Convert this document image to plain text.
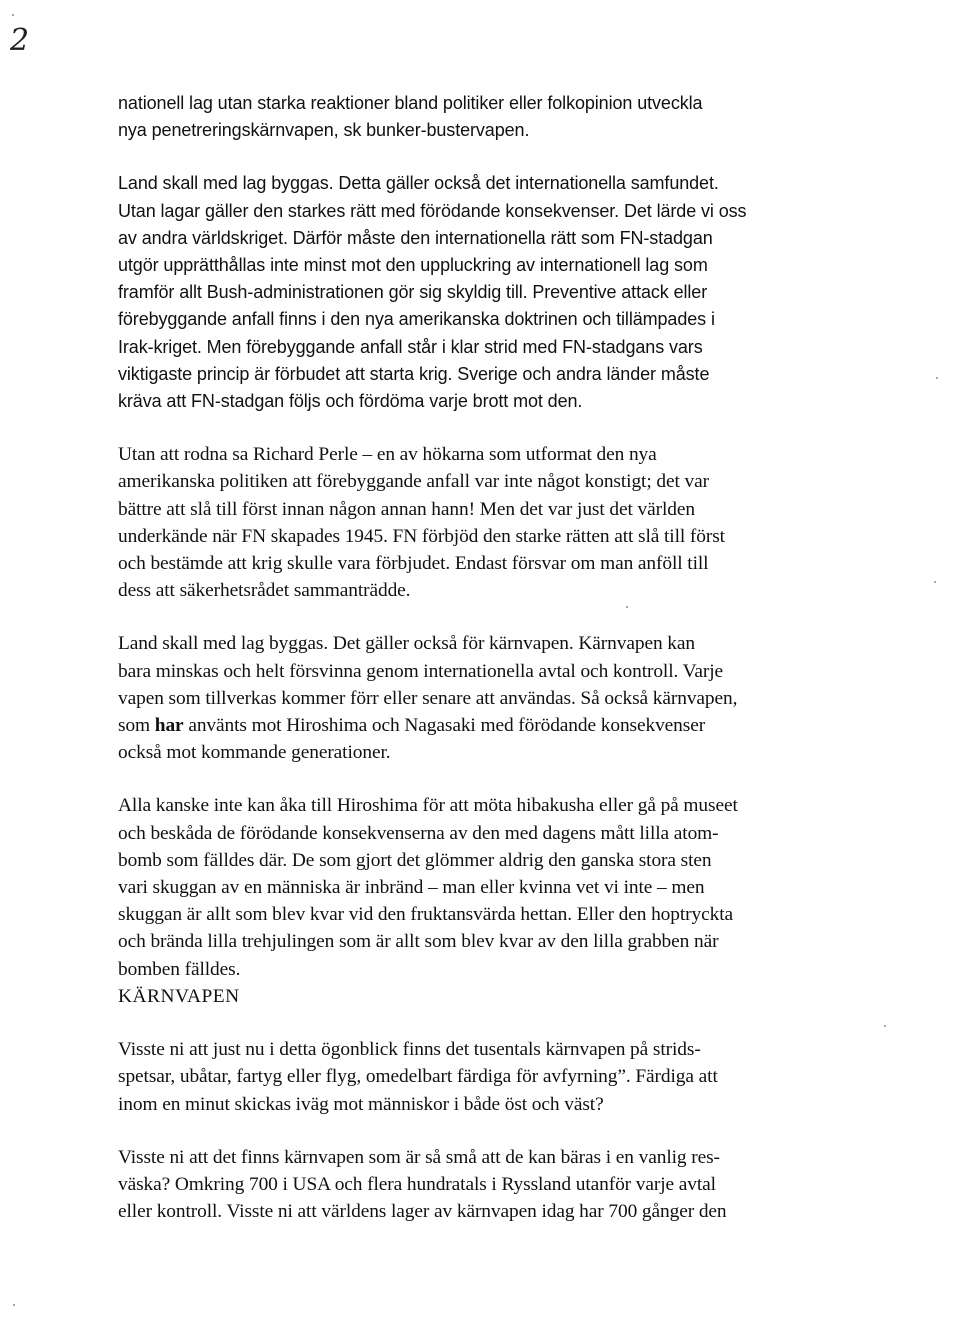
2

nationell lag utan starka reaktioner bland politiker eller folkopinion utveckla
nya penetreringskärnvapen, sk bunker-bustervapen.

Land skall med lag byggas. Detta gäller också det internationella samfundet.
Utan lagar gäller den starkes rätt med förödande konsekvenser. Det lärde vi oss
av andra världskriget. Därför måste den internationella rätt som FN-stadgan
utgör upprätthållas inte minst mot den uppluckring av internationell lag som
framför allt Bush-administrationen gör sig skyldig till. Preventive attack eller
förebyggande anfall finns i den nya amerikanska doktrinen och tillämpades i
Irak-kriget. Men förebyggande anfall står i klar strid med FN-stadgans vars
viktigaste princip är förbudet att starta krig. Sverige och andra länder måste
kräva att FN-stadgan följs och fördöma varje brott mot den.

Utan att rodna sa Richard Perle – en av hökarna som utformat den nya
amerikanska politiken att förebyggande anfall var inte något konstigt; det var
bättre att slå till först innan någon annan hann! Men det var just det världen
underkände när FN skapades 1945. FN förbjöd den starke rätten att slå till först
och bestämde att krig skulle vara förbjudet. Endast försvar om man anföll till
dess att säkerhetsrådet sammanträdde.

Land skall med lag byggas. Det gäller också för kärnvapen. Kärnvapen kan
bara minskas och helt försvinna genom internationella avtal och kontroll. Varje
vapen som tillverkas kommer förr eller senare att användas. Så också kärnvapen,
som har använts mot Hiroshima och Nagasaki med förödande konsekvenser
också mot kommande generationer.

Alla kanske inte kan åka till Hiroshima för att möta hibakusha eller gå på museet
och beskåda de förödande konsekvenserna av den med dagens mått lilla atom-
bomb som fälldes där. De som gjort det glömmer aldrig den ganska stora sten
vari skuggan av en människa är inbränd – man eller kvinna vet vi inte – men
skuggan är allt som blev kvar vid den fruktansvärda hettan. Eller den hoptryckta
och brända lilla trehjulingen som är allt som blev kvar av den lilla grabben när
bomben fälldes.

KÄRNVAPEN

Visste ni att just nu i detta ögonblick finns det tusentals kärnvapen på strids-
spetsar, ubåtar, fartyg eller flyg, omedelbart färdiga för avfyrning”. Färdiga att
inom en minut skickas iväg mot människor i både öst och väst?

Visste ni att det finns kärnvapen som är så små att de kan bäras i en vanlig res-
väska? Omkring 700 i USA och flera hundratals i Ryssland utanför varje avtal
eller kontroll. Visste ni att världens lager av kärnvapen idag har 700 gånger den
